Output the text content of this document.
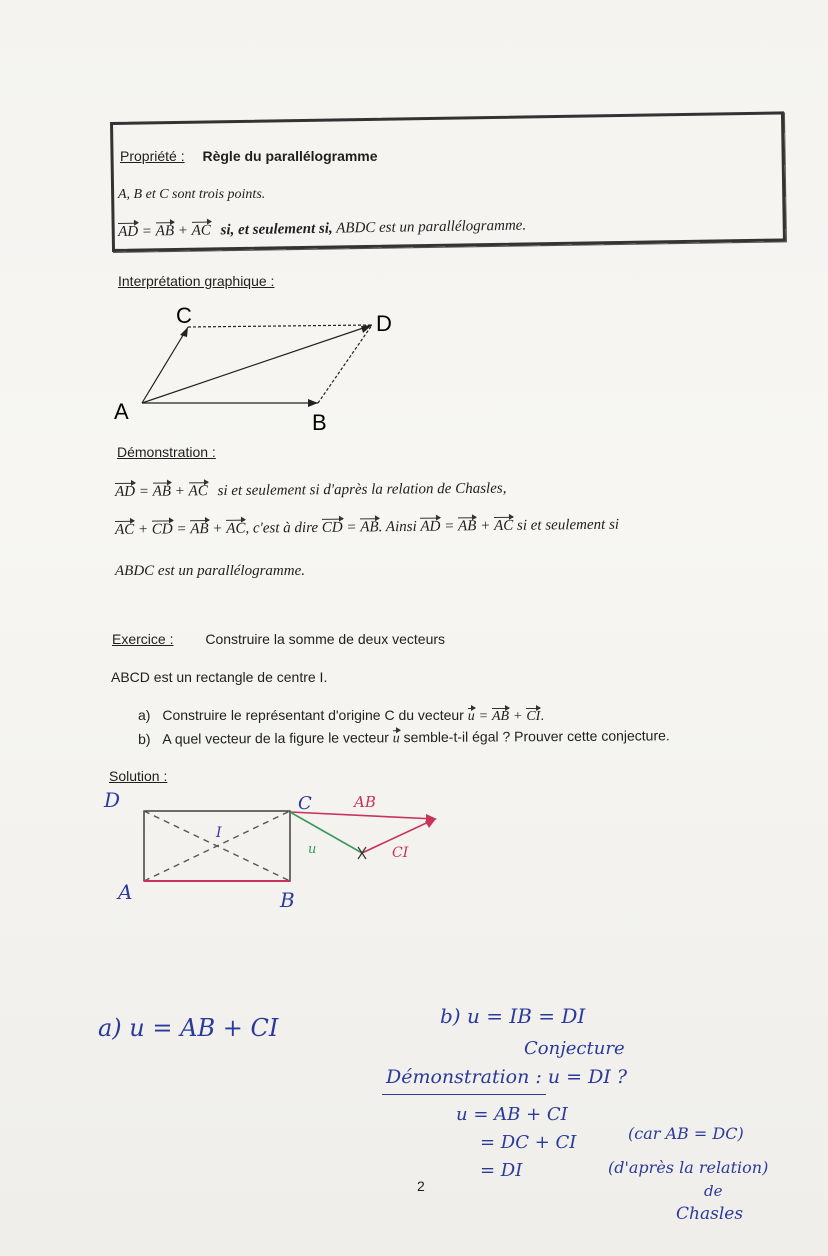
Propriété : Règle du parallélogramme
A, B et C sont trois points.
AD = AB + AC si, et seulement si, ABDC est un parallélogramme.
Interprétation graphique :
A	B
C	D
Démonstration :
AD = AB + AC si et seulement si d'après la relation de Chasles,
AC + CD = AB + AC, c'est à dire CD = AB. Ainsi AD = AB + AC si et seulement si
ABDC est un parallélogramme.
Exercice : Construire la somme de deux vecteurs
ABCD est un rectangle de centre I.
a) Construire le représentant d'origine C du vecteur u = AB + CI.
b) A quel vecteur de la figure le vecteur u semble-t-il égal ? Prouver cette conjecture.
Solution :
D	C
A	B
I
AB
u	CI
a) u = AB + CI	b) u = IB = DI
Conjecture
Démonstration : u = DI ?
u = AB + CI
= DC + CI
= DI
(car AB = DC)
(d'après la relation)
de
Chasles
2
